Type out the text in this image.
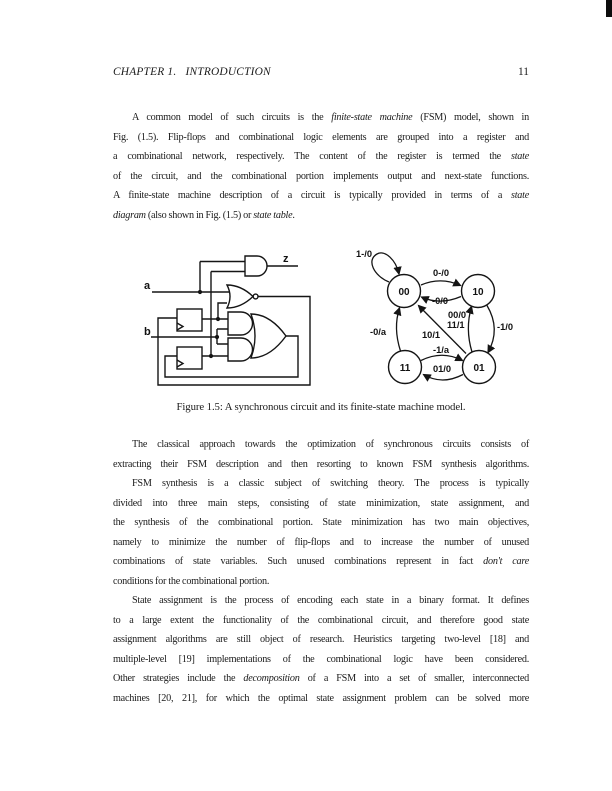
CHAPTER 1.   INTRODUCTION	11
A common model of such circuits is the finite-state machine (FSM) model, shown in
Fig. (1.5). Flip-flops and combinational logic elements are grouped into a register and
a combinational network, respectively. The content of the register is termed the state
of the circuit, and the combinational portion implements output and next-state functions.
A finite-state machine description of a circuit is typically provided in terms of a state
diagram (also shown in Fig. (1.5) or state table.
a
b
z
00	10
11	01
1-/0
0-/0
-0/0
-1/0
00/0
11/1
10/1
-0/a
-1/a
01/0
Figure 1.5: A synchronous circuit and its finite-state machine model.
The classical approach towards the optimization of synchronous circuits consists of
extracting their FSM description and then resorting to known FSM synthesis algorithms.
FSM synthesis is a classic subject of switching theory. The process is typically
divided into three main steps, consisting of state minimization, state assignment, and
the synthesis of the combinational portion. State minimization has two main objectives,
namely to minimize the number of flip-flops and to increase the number of unused
combinations of state variables. Such unused combinations represent in fact don't care
conditions for the combinational portion.
State assignment is the process of encoding each state in a binary format. It defines
to a large extent the functionality of the combinational circuit, and therefore good state
assignment algorithms are still object of research. Heuristics targeting two-level [18] and
multiple-level [19] implementations of the combinational logic have been considered.
Other strategies include the decomposition of a FSM into a set of smaller, interconnected
machines [20, 21], for which the optimal state assignment problem can be solved more
